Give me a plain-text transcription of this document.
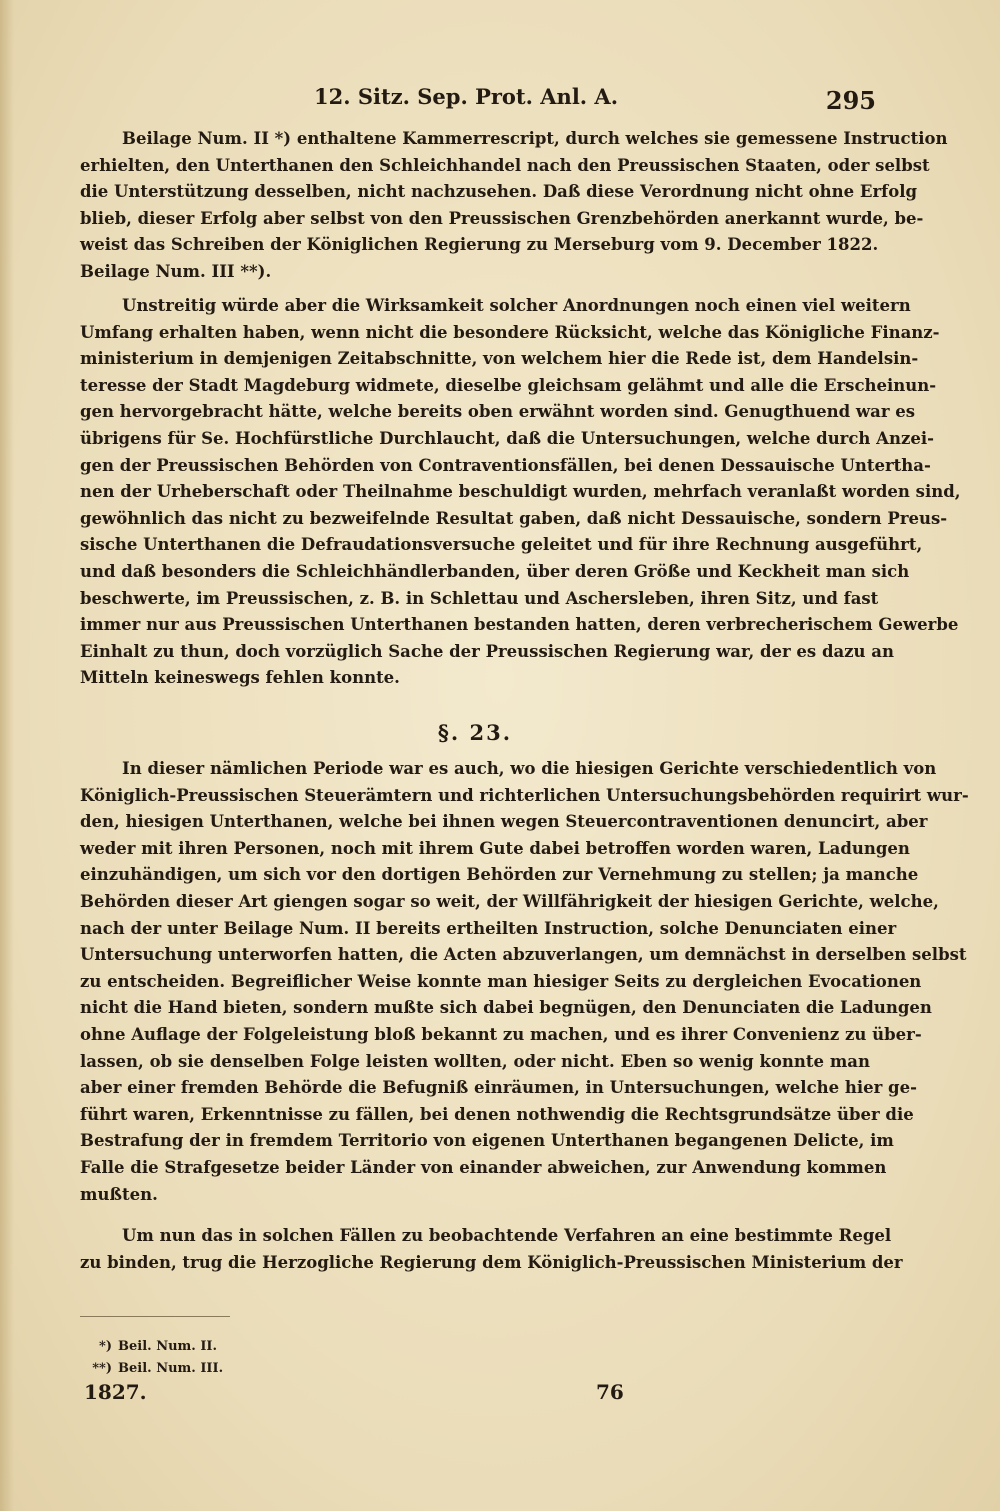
12. Sitz. Sep. Prot. Anl. A.	295
Beilage Num. II *) enthaltene Kammerrescript, durch welches sie gemessene Instruction
erhielten, den Unterthanen den Schleichhandel nach den Preussischen Staaten, oder selbst
die Unterstützung desselben, nicht nachzusehen. Daß diese Verordnung nicht ohne Erfolg
blieb, dieser Erfolg aber selbst von den Preussischen Grenzbehörden anerkannt wurde, be-
weist das Schreiben der Königlichen Regierung zu Merseburg vom 9. December 1822.
Beilage Num. III **).
Unstreitig würde aber die Wirksamkeit solcher Anordnungen noch einen viel weitern
Umfang erhalten haben, wenn nicht die besondere Rücksicht, welche das Königliche Finanz-
ministerium in demjenigen Zeitabschnitte, von welchem hier die Rede ist, dem Handelsin-
teresse der Stadt Magdeburg widmete, dieselbe gleichsam gelähmt und alle die Erscheinun-
gen hervorgebracht hätte, welche bereits oben erwähnt worden sind. Genugthuend war es
übrigens für Se. Hochfürstliche Durchlaucht, daß die Untersuchungen, welche durch Anzei-
gen der Preussischen Behörden von Contraventionsfällen, bei denen Dessauische Untertha-
nen der Urheberschaft oder Theilnahme beschuldigt wurden, mehrfach veranlaßt worden sind,
gewöhnlich das nicht zu bezweifelnde Resultat gaben, daß nicht Dessauische, sondern Preus-
sische Unterthanen die Defraudationsversuche geleitet und für ihre Rechnung ausgeführt,
und daß besonders die Schleichhändlerbanden, über deren Größe und Keckheit man sich
beschwerte, im Preussischen, z. B. in Schlettau und Aschersleben, ihren Sitz, und fast
immer nur aus Preussischen Unterthanen bestanden hatten, deren verbrecherischem Gewerbe
Einhalt zu thun, doch vorzüglich Sache der Preussischen Regierung war, der es dazu an
Mitteln keineswegs fehlen konnte.
§. 23.
In dieser nämlichen Periode war es auch, wo die hiesigen Gerichte verschiedentlich von
Königlich-Preussischen Steuerämtern und richterlichen Untersuchungsbehörden requirirt wur-
den, hiesigen Unterthanen, welche bei ihnen wegen Steuercontraventionen denuncirt, aber
weder mit ihren Personen, noch mit ihrem Gute dabei betroffen worden waren, Ladungen
einzuhändigen, um sich vor den dortigen Behörden zur Vernehmung zu stellen; ja manche
Behörden dieser Art giengen sogar so weit, der Willfährigkeit der hiesigen Gerichte, welche,
nach der unter Beilage Num. II bereits ertheilten Instruction, solche Denunciaten einer
Untersuchung unterworfen hatten, die Acten abzuverlangen, um demnächst in derselben selbst
zu entscheiden. Begreiflicher Weise konnte man hiesiger Seits zu dergleichen Evocationen
nicht die Hand bieten, sondern mußte sich dabei begnügen, den Denunciaten die Ladungen
ohne Auflage der Folgeleistung bloß bekannt zu machen, und es ihrer Convenienz zu über-
lassen, ob sie denselben Folge leisten wollten, oder nicht. Eben so wenig konnte man
aber einer fremden Behörde die Befugniß einräumen, in Untersuchungen, welche hier ge-
führt waren, Erkenntnisse zu fällen, bei denen nothwendig die Rechtsgrundsätze über die
Bestrafung der in fremdem Territorio von eigenen Unterthanen begangenen Delicte, im
Falle die Strafgesetze beider Länder von einander abweichen, zur Anwendung kommen
mußten.
Um nun das in solchen Fällen zu beobachtende Verfahren an eine bestimmte Regel
zu binden, trug die Herzogliche Regierung dem Königlich-Preussischen Ministerium der
*) Beil. Num. II.
**) Beil. Num. III.
1827.	76
